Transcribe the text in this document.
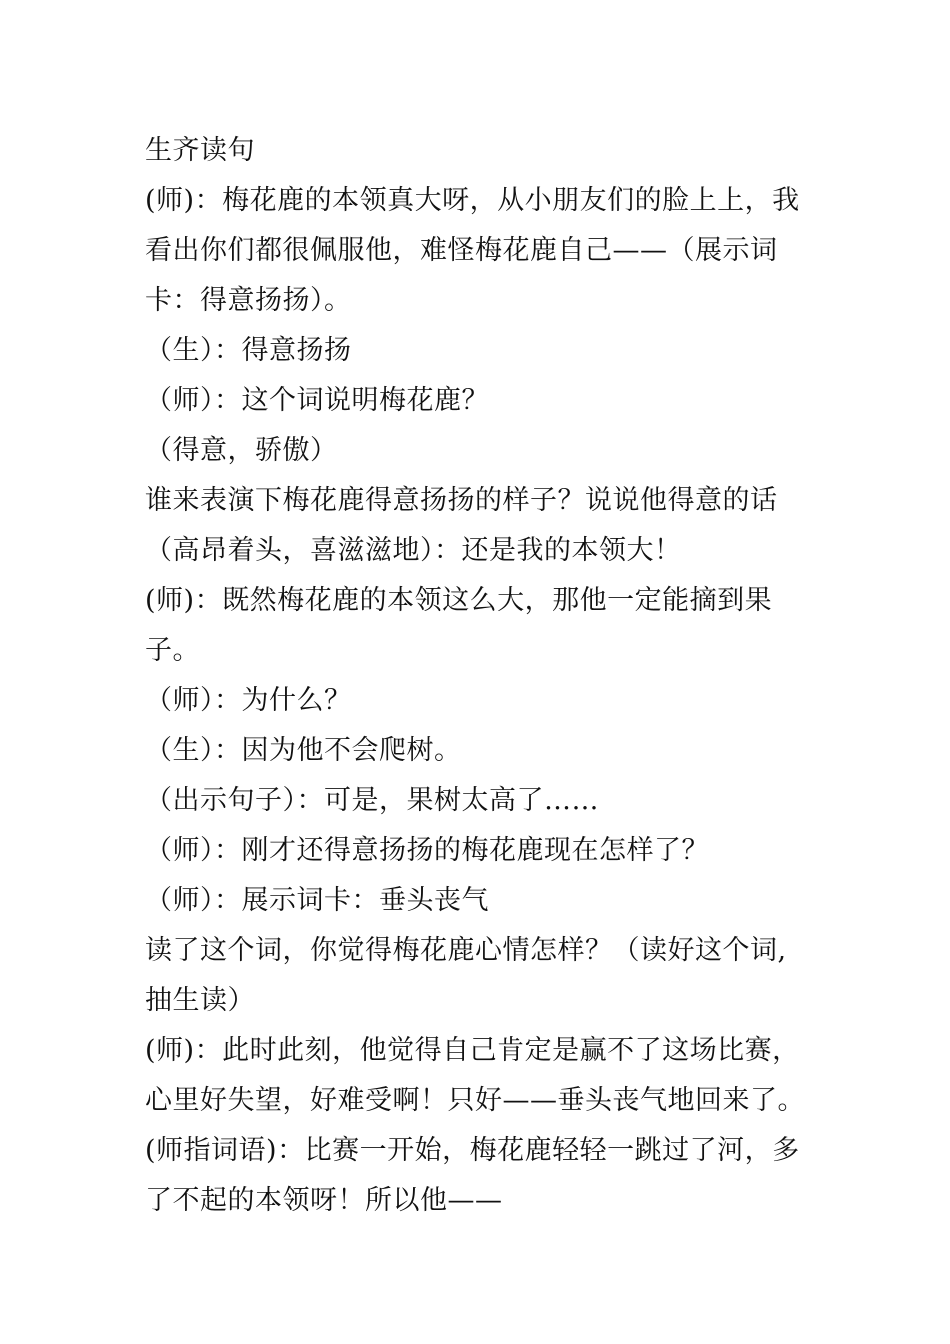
生齐读句
(师)：梅花鹿的本领真大呀，从小朋友们的脸上上，我
看出你们都很佩服他，难怪梅花鹿自己——（展示词
卡：得意扬扬）。
（生）：得意扬扬
（师）：这个词说明梅花鹿？
（得意，骄傲）
谁来表演下梅花鹿得意扬扬的样子？说说他得意的话
（高昂着头，喜滋滋地）：还是我的本领大！
(师)：既然梅花鹿的本领这么大，那他一定能摘到果
子。
（师）：为什么？
（生）：因为他不会爬树。
（出示句子）：可是，果树太高了……
（师）：刚才还得意扬扬的梅花鹿现在怎样了？
（师）：展示词卡：垂头丧气
读了这个词，你觉得梅花鹿心情怎样？（读好这个词,
抽生读）
(师)：此时此刻，他觉得自己肯定是赢不了这场比赛，
心里好失望，好难受啊！只好——垂头丧气地回来了。
(师指词语)：比赛一开始，梅花鹿轻轻一跳过了河，多
了不起的本领呀！所以他——
